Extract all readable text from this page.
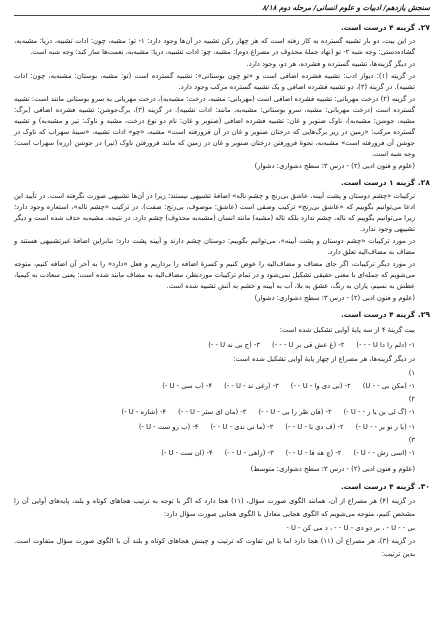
سنجش یازدهم/ ادبیات و علوم انسانی/ مرحله دوم ۸/۱۸
۲۷.
گزینه ۴ درست است.
در این بیت، دو بار تشبیه گسترده به کار رفته است که هر چهار رکن تشبیه در آن‌ها وجود دارد: ۱- تو: مشبه، چون: ادات تشبیه، دریا: مشبه‌به، گشاده‌دستی: وجه شبه ۲- تو (نهاد جملهٔ محذوف در مصراع دوم): مشبه، چو: ادات تشبیه، دریا: مشبه‌به، نعمت‌ها ساز کند: وجه شبه است.
در دیگر گزینه‌ها، تشبیه گسترده و فشرده، هر دو، وجود دارد.
در گزینه (۱): دیوار ادب: تشبیه فشرده اضافی است و «تو چون بوستانی»: تشبیه گسترده است (تو: مشبه، بوستان: مشبه‌به، چون: ادات تشبیه). در گزینه (۳)، دو تشبیه فشرده اضافی و یک تشبیه گسترده مرکب وجود دارد.
در گزینه (۲) درخت مهربانی: تشبیه فشرده اضافی است (مهربانی: مشبه، درخت: مشبه‌به)، درخت مهربانی به سرو بوستانی مانند است: تشبیه گسترده است (درخت مهربانی: مشبه، سرو بوستانی: مشبه‌به، مانند: ادات تشبیه). در گزینه (۳)، برگ‌جوشن: تشبیه فشرده اضافی (برگ: مشبه، جوشن: مشبه‌به)، ناوک صنوبر و غان: تشبیه فشرده اضافی (صنوبر و غان: نام دو نوع درخت، مشبه و ناوک: تیر و مشبه‌به) و تشبیه گسترده مرکب: «زمین در زیر برگ‌هایی که درختان صنوبر و غان در آن فرورفته است» مشبه، «چو» ادات تشبیه، «سینهٔ سهراب که ناوک در جوشن آن فرورفته است» مشبه‌به، نحوهٔ فرورفتن درختان صنوبر و غان در زمین که مانند فرورفتن ناوک (تیر) در جوشن (زره) سهراب است: وجه شبه است.
(علوم و فنون ادبی (۲) - درس ۳؛ سطح دشواری: دشوار)
۲۸.
گزینه ۱ درست است.
ترکیبات «چشم دوستان و پشت آیینه، عاشق بی‌رنج و چشم ناله» اضافهٔ تشبیهی نیستند؛ زیرا در آن‌ها تشبیهی صورت نگرفته است. در تأیید این ادعا می‌توانیم بگوییم که «عاشق بی‌رنج» ترکیب وصفی است (عاشق: موصوف، بی‌رنج: صفت). در ترکیب «چشم ناله»، استعاره وجود دارد؛ زیرا می‌توانیم بگوییم که ناله، چشم ندارد بلکه ناله (مشبه) مانند انسان (مشبه‌به محذوف) چشم دارد. در نتیجه، مشبه‌به حذف شده است و دیگر تشبیهی وجود ندارد.
در مورد ترکیبات «چشم دوستان و پشت آیینه»، می‌توانیم بگوییم: دوستان چشم دارند و آیینه پشت دارد؛ بنابراین اضافهٔ غیرتشبیهی هستند و مضاف به مضاف‌الیه تعلق دارد.
در مورد دیگر ترکیبات، اگر جای مضاف و مضاف‌الیه را عوض کنیم و کسرهٔ اضافه را برداریم و فعل «دارد» را به آخر آن اضافه کنیم، متوجه می‌شویم که جمله‌ای با معنی حقیقی تشکیل نمی‌شود و در تمام ترکیبات موردنظر، مضاف‌الیه به مضاف مانند شده است: یعنی سعادت به کیمیا، عطش به نسیم، یاران به رنگ، عشق به بلا، آب به آیینه و خشم به آتش تشبیه شده است.
(علوم و فنون ادبی (۲) - درس ۳؛ سطح دشواری: دشوار)
۲۹.
گزینه ۴ درست است.
بیت گزینهٔ ۴ از سه پایهٔ آوایی تشکیل شده است:
۱- (دلم را دا U - - -)
۲- (غ عش قی بر U - - -)
۳- (ج بی نه U - -)
در دیگر گزینه‌ها، هر مصراع از چهار پایهٔ آوایی تشکیل شده است:
۱)
۱- (مکن بی - - U)
۲- (نی دی وا - U - -)
۳- (رغی ند - U - -)
۴- (ب سی - U -)
۲)
۱- (گ لی بن یا ر - - U -)
۲- (فان ظر را بی - U - -)
۳- (مان ای ستر - U - -)
۴- (شاره - U -)
۱- (با ز نو بر - - U -)
۲- (ف دی نا - U - -)
۳- (ما نی ندی - U - -)
۴- (ب رو ست - U -)
۳)
۱- (اسی زش - - U -)
۲- (چ هه فا - U - -)
۳- (زاهی - U - -)
۴- (ان ست - U -)
(علوم و فنون ادبی (۲) - درس ۳؛ سطح دشواری: متوسط)
۳۰.
گزینه ۴ درست است.
در گزینه (۴) هر مصراع از آن، همانند الگوی صورت سؤال، (۱۱) هجا دارد که اگر با توجه به ترتیب هجاهای کوتاه و بلند، پایه‌های آوایی آن را مشخص کنیم، متوجه می‌شویم که الگوی هجایی معادل با الگوی هجایی صورت سؤال دارد:
بی - - U - ، بر دو دی - U - - ، د می کن - U -
در گزینه (۳)، هر مصراع آن (۱۱) هجا دارد اما با این تفاوت که ترتیب و چینش هجاهای کوتاه و بلند آن با الگوی صورت سؤال متفاوت است. بدین ترتیب:
